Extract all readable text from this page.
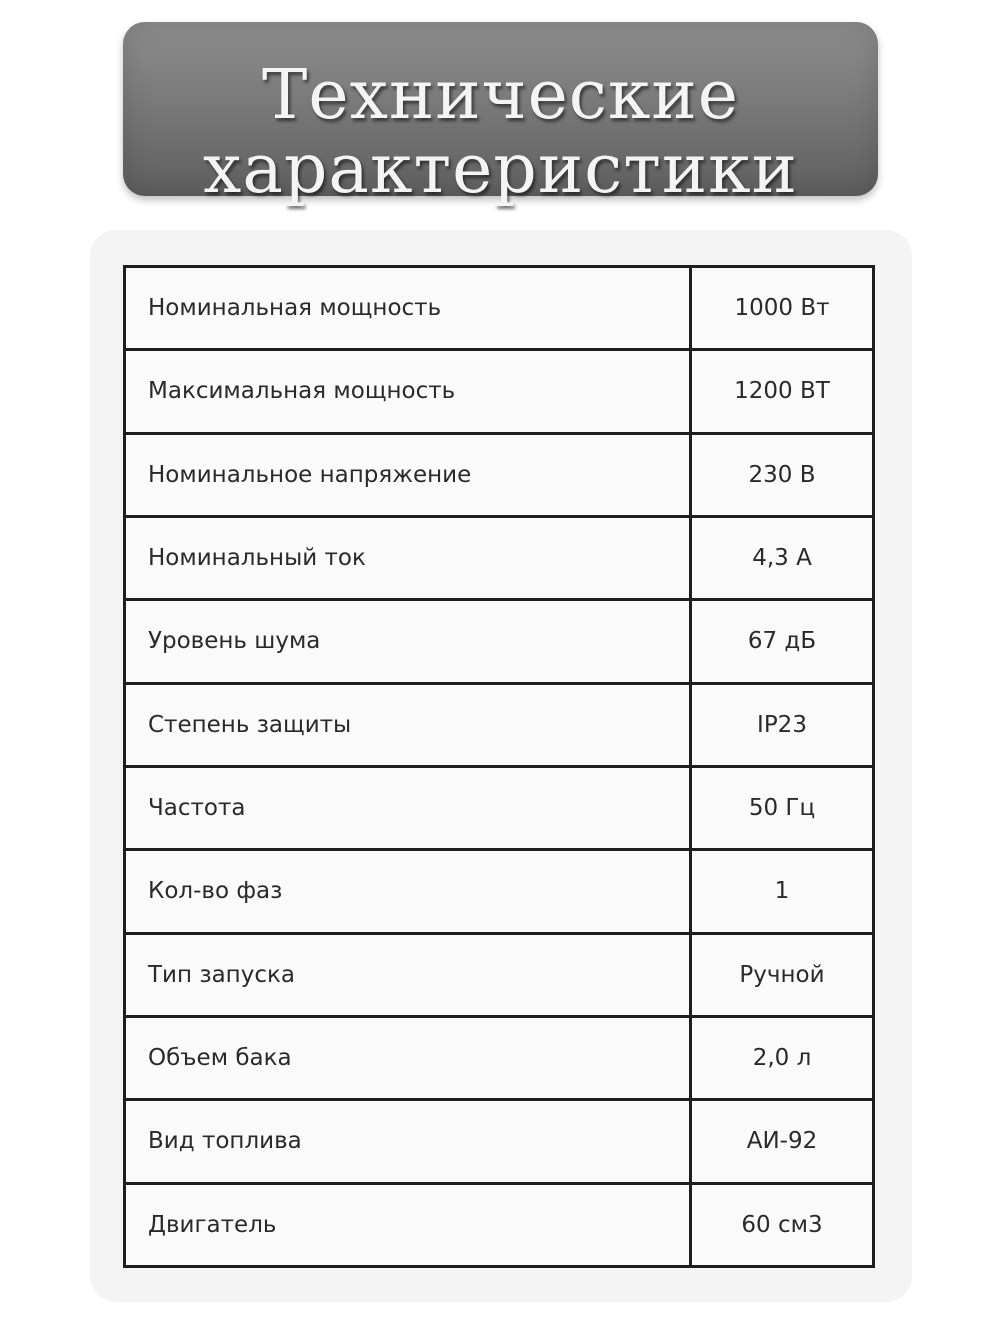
Технические
характеристики
Номинальная мощность	1000 Вт
Максимальная мощность	1200 ВТ
Номинальное напряжение	230 В
Номинальный ток	4,3 А
Уровень шума	67 дБ
Степень защиты	IP23
Частота	50 Гц
Кол-во фаз	1
Тип запуска	Ручной
Объем бака	2,0 л
Вид топлива	АИ-92
Двигатель	60 см3
